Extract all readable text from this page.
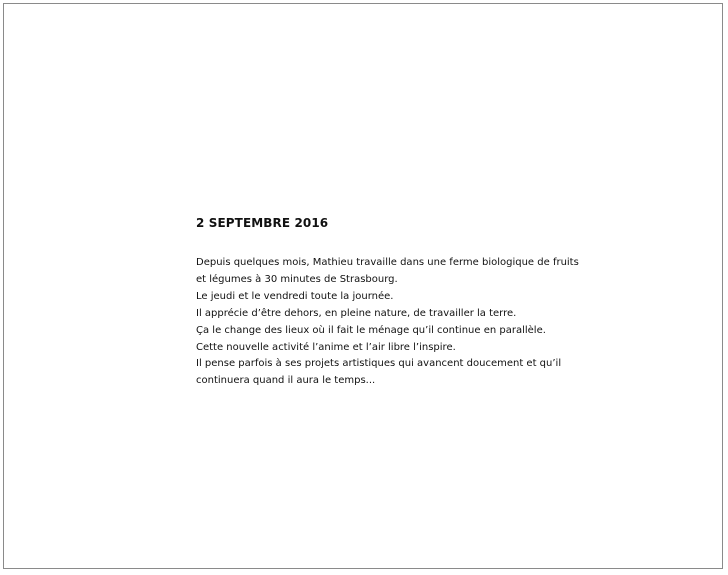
2 SEPTEMBRE 2016
Depuis quelques mois, Mathieu travaille dans une ferme biologique de fruits
et légumes à 30 minutes de Strasbourg.
Le jeudi et le vendredi toute la journée.
Il apprécie d’être dehors, en pleine nature, de travailler la terre.
Ça le change des lieux où il fait le ménage qu’il continue en parallèle.
Cette nouvelle activité l’anime et l’air libre l’inspire.
Il pense parfois à ses projets artistiques qui avancent doucement et qu’il
continuera quand il aura le temps...
